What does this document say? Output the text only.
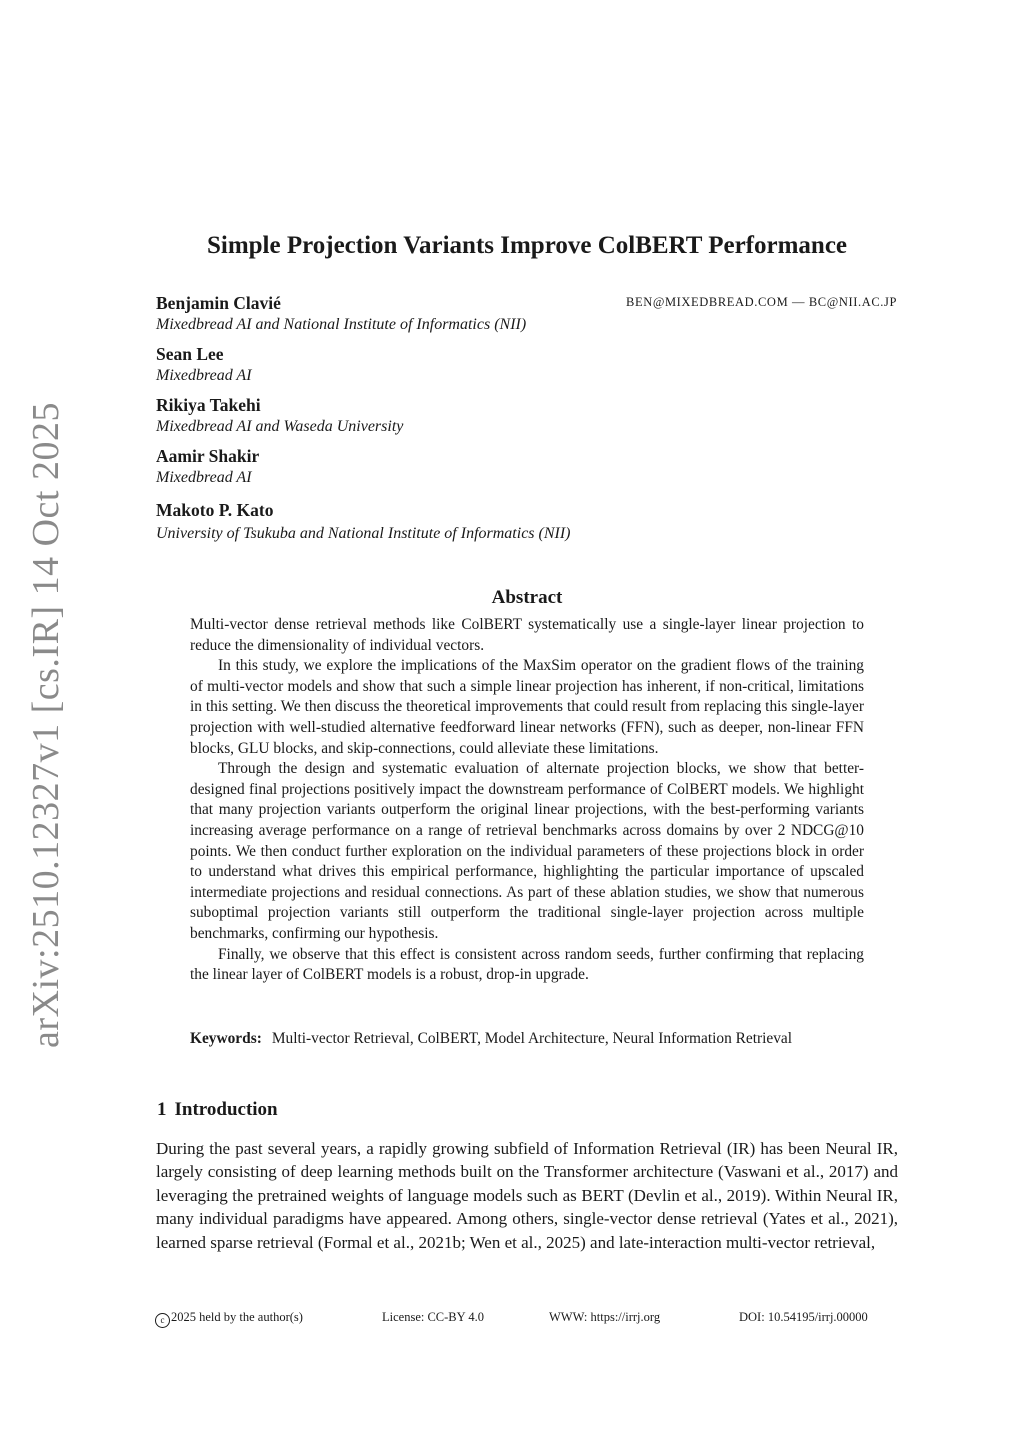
arXiv:2510.12327v1 [cs.IR] 14 Oct 2025
Simple Projection Variants Improve ColBERT Performance
BEN@MIXEDBREAD.COM — BC@NII.AC.JP
Benjamin Clavié
Mixedbread AI and National Institute of Informatics (NII)
Sean Lee
Mixedbread AI
Rikiya Takehi
Mixedbread AI and Waseda University
Aamir Shakir
Mixedbread AI
Makoto P. Kato
University of Tsukuba and National Institute of Informatics (NII)
Abstract

Multi-vector dense retrieval methods like ColBERT systematically use a single-layer linear projection to reduce the dimensionality of individual vectors.

In this study, we explore the implications of the MaxSim operator on the gradient flows of the training of multi-vector models and show that such a simple linear projection has inherent, if non-critical, limitations in this setting. We then discuss the theoretical improvements that could result from replacing this single-layer projection with well-studied alternative feedforward linear networks (FFN), such as deeper, non-linear FFN blocks, GLU blocks, and skip-connections, could alleviate these limitations.

Through the design and systematic evaluation of alternate projection blocks, we show that better-designed final projections positively impact the downstream performance of ColBERT models. We highlight that many projection variants outperform the original linear projections, with the best-performing variants increasing average performance on a range of retrieval benchmarks across domains by over 2 NDCG@10 points. We then conduct further exploration on the individual parameters of these projections block in order to understand what drives this empirical performance, highlighting the particular importance of upscaled intermediate projections and residual connections. As part of these ablation studies, we show that numerous suboptimal projection variants still outperform the traditional single-layer projection across multiple benchmarks, confirming our hypothesis.

Finally, we observe that this effect is consistent across random seeds, further confirming that replacing the linear layer of ColBERT models is a robust, drop-in upgrade.

Keywords: Multi-vector Retrieval, ColBERT, Model Architecture, Neural Information Retrieval
1 Introduction

During the past several years, a rapidly growing subfield of Information Retrieval (IR) has been Neural IR, largely consisting of deep learning methods built on the Transformer architecture (Vaswani et al., 2017) and leveraging the pretrained weights of language models such as BERT (Devlin et al., 2019). Within Neural IR, many individual paradigms have appeared. Among others, single-vector dense retrieval (Yates et al., 2021), learned sparse retrieval (Formal et al., 2021b; Wen et al., 2025) and late-interaction multi-vector retrieval,

c 2025 held by the author(s)	License: CC-BY 4.0	WWW: https://irrj.org	DOI: 10.54195/irrj.00000
